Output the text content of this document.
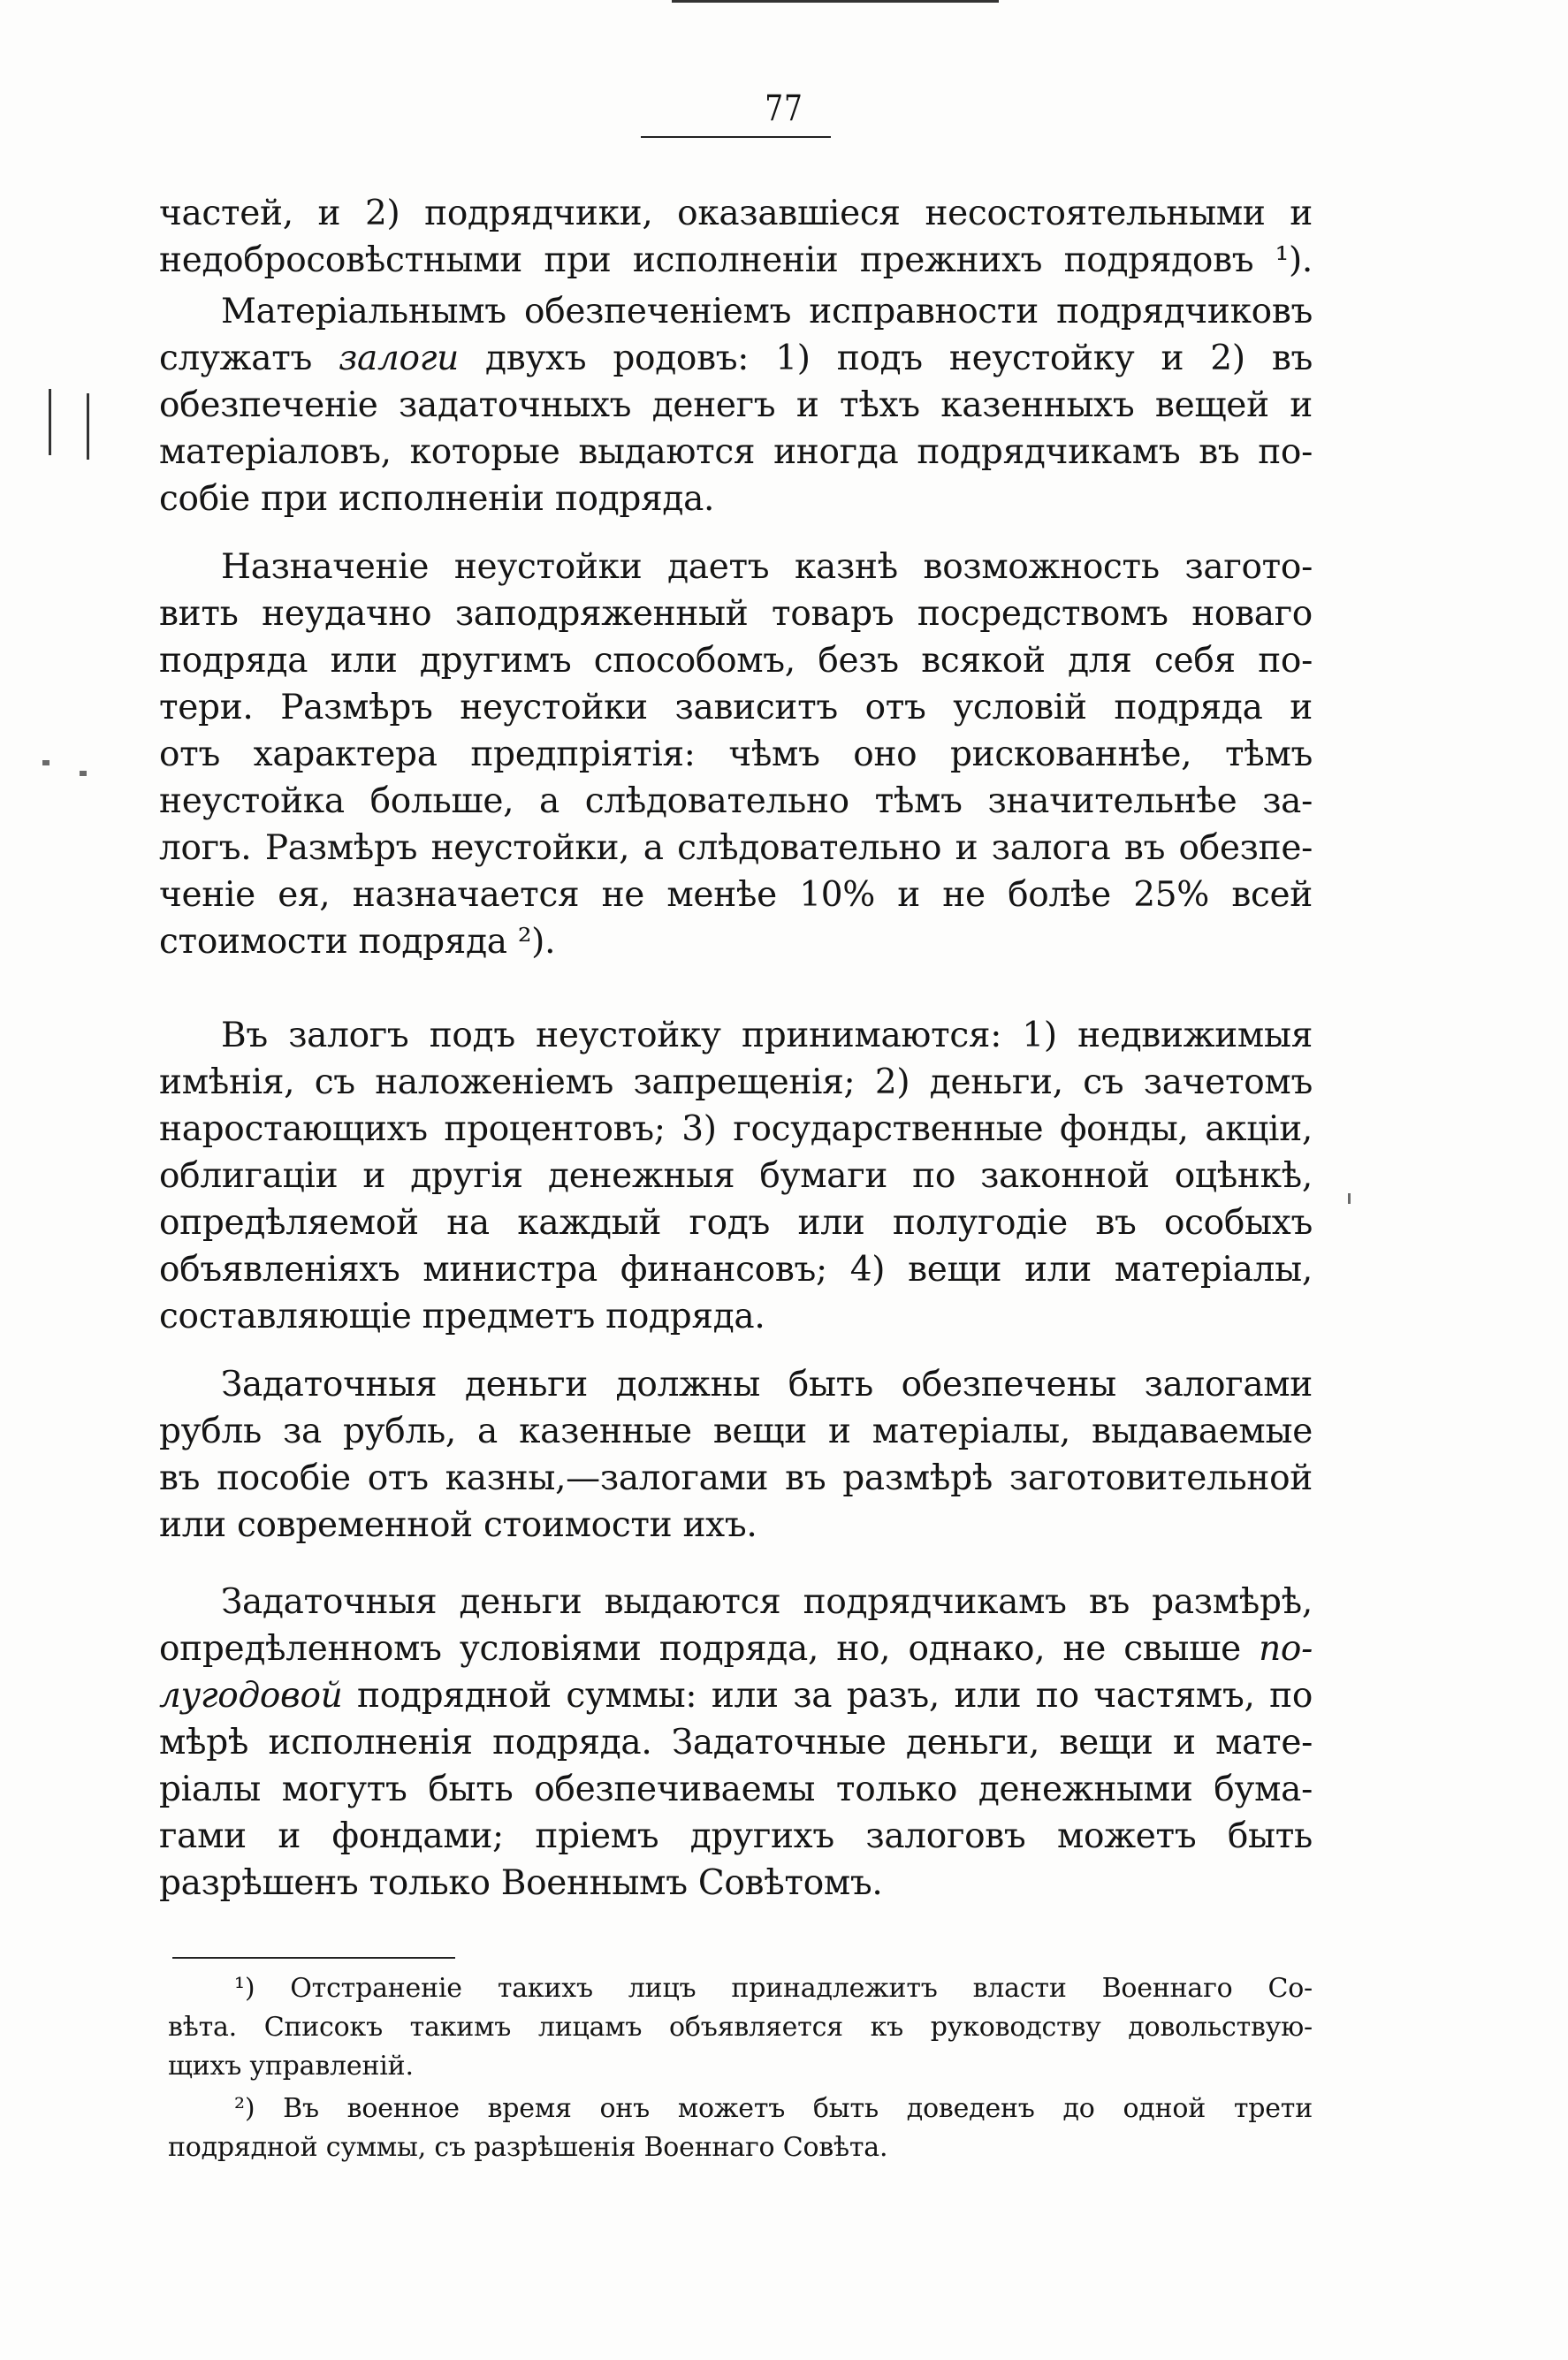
77
частей, и 2) подрядчики, оказавшіеся несостоятельными и
недобросовѣстными при исполненіи прежнихъ подрядовъ ¹).
Матеріальнымъ обезпеченіемъ исправности подрядчиковъ
служатъ залоги двухъ родовъ: 1) подъ неустойку и 2) въ
обезпеченіе задаточныхъ денегъ и тѣхъ казенныхъ вещей и
матеріаловъ, которые выдаются иногда подрядчикамъ въ по-
собіе при исполненіи подряда.
Назначеніе неустойки даетъ казнѣ возможность загото-
вить неудачно заподряженный товаръ посредствомъ новаго
подряда или другимъ способомъ, безъ всякой для себя по-
тери. Размѣръ неустойки зависитъ отъ условій подряда и
отъ характера предпріятія: чѣмъ оно рискованнѣе, тѣмъ
неустойка больше, а слѣдовательно тѣмъ значительнѣе за-
логъ. Размѣръ неустойки, а слѣдовательно и залога въ обезпе-
ченіе ея, назначается не менѣе 10% и не болѣе 25% всей
стоимости подряда ²).
Въ залогъ подъ неустойку принимаются: 1) недвижимыя
имѣнія, съ наложеніемъ запрещенія; 2) деньги, съ зачетомъ
наростающихъ процентовъ; 3) государственные фонды, акціи,
облигаціи и другія денежныя бумаги по законной оцѣнкѣ,
опредѣляемой на каждый годъ или полугодіе въ особыхъ
объявленіяхъ министра финансовъ; 4) вещи или матеріалы,
составляющіе предметъ подряда.
Задаточныя деньги должны быть обезпечены залогами
рубль за рубль, а казенные вещи и матеріалы, выдаваемые
въ пособіе отъ казны,—залогами въ размѣрѣ заготовительной
или современной стоимости ихъ.
Задаточныя деньги выдаются подрядчикамъ въ размѣрѣ,
опредѣленномъ условіями подряда, но, однако, не свыше по-
лугодовой подрядной суммы: или за разъ, или по частямъ, по
мѣрѣ исполненія подряда. Задаточные деньги, вещи и мате-
ріалы могутъ быть обезпечиваемы только денежными бума-
гами и фондами; пріемъ другихъ залоговъ можетъ быть
разрѣшенъ только Военнымъ Совѣтомъ.
¹) Отстраненіе такихъ лицъ принадлежитъ власти Военнаго Со-
вѣта. Списокъ такимъ лицамъ объявляется къ руководству довольствую-
щихъ управленій.
²) Въ военное время онъ можетъ быть доведенъ до одной трети
подрядной суммы, съ разрѣшенія Военнаго Совѣта.
